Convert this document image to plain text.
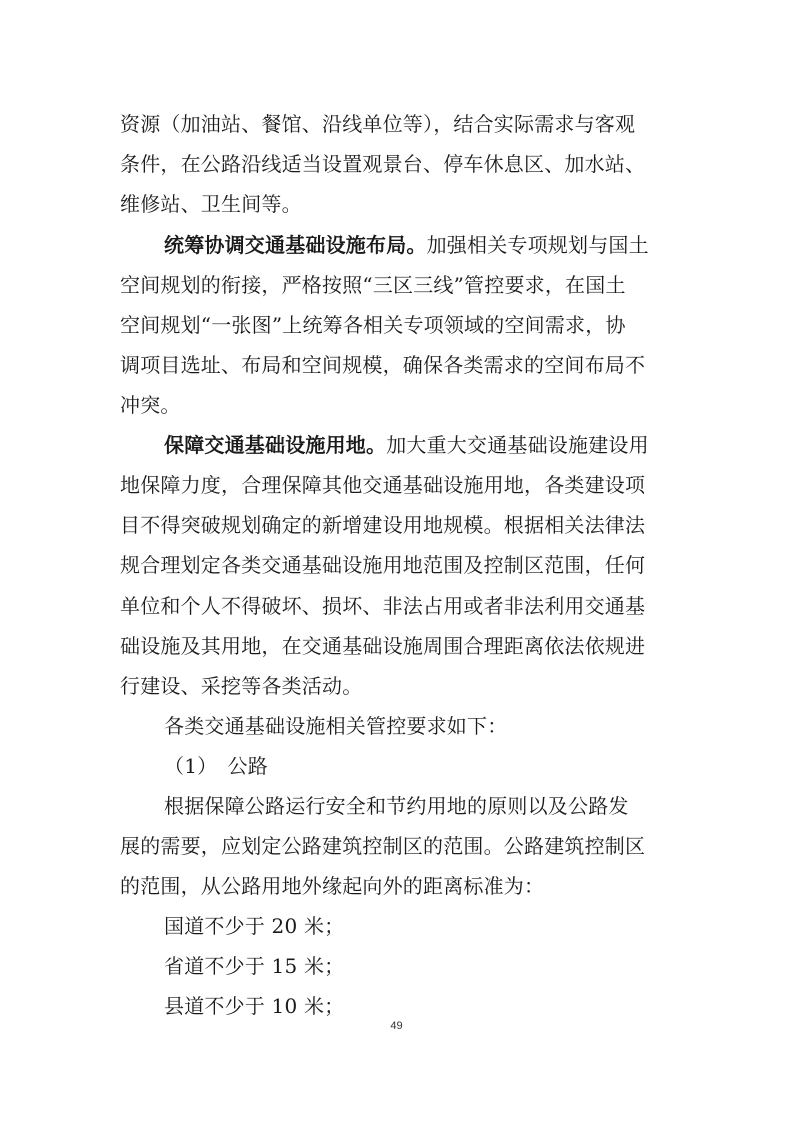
资源（加油站、餐馆、沿线单位等），结合实际需求与客观
条件，在公路沿线适当设置观景台、停车休息区、加水站、
维修站、卫生间等。
统筹协调交通基础设施布局。加强相关专项规划与国土
空间规划的衔接，严格按照“三区三线”管控要求，在国土
空间规划“一张图”上统筹各相关专项领域的空间需求，协
调项目选址、布局和空间规模，确保各类需求的空间布局不
冲突。
保障交通基础设施用地。加大重大交通基础设施建设用
地保障力度，合理保障其他交通基础设施用地，各类建设项
目不得突破规划确定的新增建设用地规模。根据相关法律法
规合理划定各类交通基础设施用地范围及控制区范围，任何
单位和个人不得破坏、损坏、非法占用或者非法利用交通基
础设施及其用地，在交通基础设施周围合理距离依法依规进
行建设、采挖等各类活动。
各类交通基础设施相关管控要求如下：
（1）　公路
根据保障公路运行安全和节约用地的原则以及公路发
展的需要，应划定公路建筑控制区的范围。公路建筑控制区
的范围，从公路用地外缘起向外的距离标准为：
国道不少于 20 米；
省道不少于 15 米；
县道不少于 10 米；
49
